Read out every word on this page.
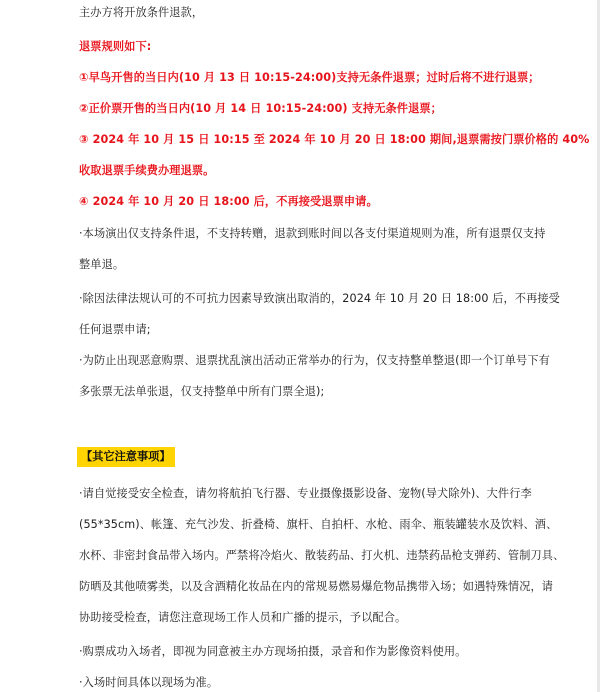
主办方将开放条件退款，
退票规则如下:
①早鸟开售的当日内(10 月 13 日 10:15-24:00)支持无条件退票；过时后将不进行退票；
②正价票开售的当日内(10 月 14 日 10:15-24:00) 支持无条件退票；
③ 2024 年 10 月 15 日 10:15 至 2024 年 10 月 20 日 18:00 期间,退票需按门票价格的 40%
收取退票手续费办理退票。
④ 2024 年 10 月 20 日 18:00 后，不再接受退票申请。
·本场演出仅支持条件退，不支持转赠，退款到账时间以各支付渠道规则为准，所有退票仅支持
整单退。
·除因法律法规认可的不可抗力因素导致演出取消的，2024 年 10 月 20 日 18:00 后，不再接受
任何退票申请;
·为防止出现恶意购票、退票扰乱演出活动正常举办的行为，仅支持整单整退(即一个订单号下有
多张票无法单张退，仅支持整单中所有门票全退);
【其它注意事项】
·请自觉接受安全检查，请勿将航拍飞行器、专业摄像摄影设备、宠物(导犬除外)、大件行李
(55*35cm)、帐篷、充气沙发、折叠椅、旗杆、自拍杆、水枪、雨伞、瓶装罐装水及饮料、酒、
水杯、非密封食品带入场内。严禁将冷焰火、散装药品、打火机、违禁药品枪支弹药、管制刀具、
防晒及其他喷雾类，以及含酒精化妆品在内的常规易燃易爆危物品携带入场；如遇特殊情况，请
协助接受检查，请您注意现场工作人员和广播的提示，予以配合。
·购票成功入场者，即视为同意被主办方现场拍摄，录音和作为影像资料使用。
·入场时间具体以现场为准。
